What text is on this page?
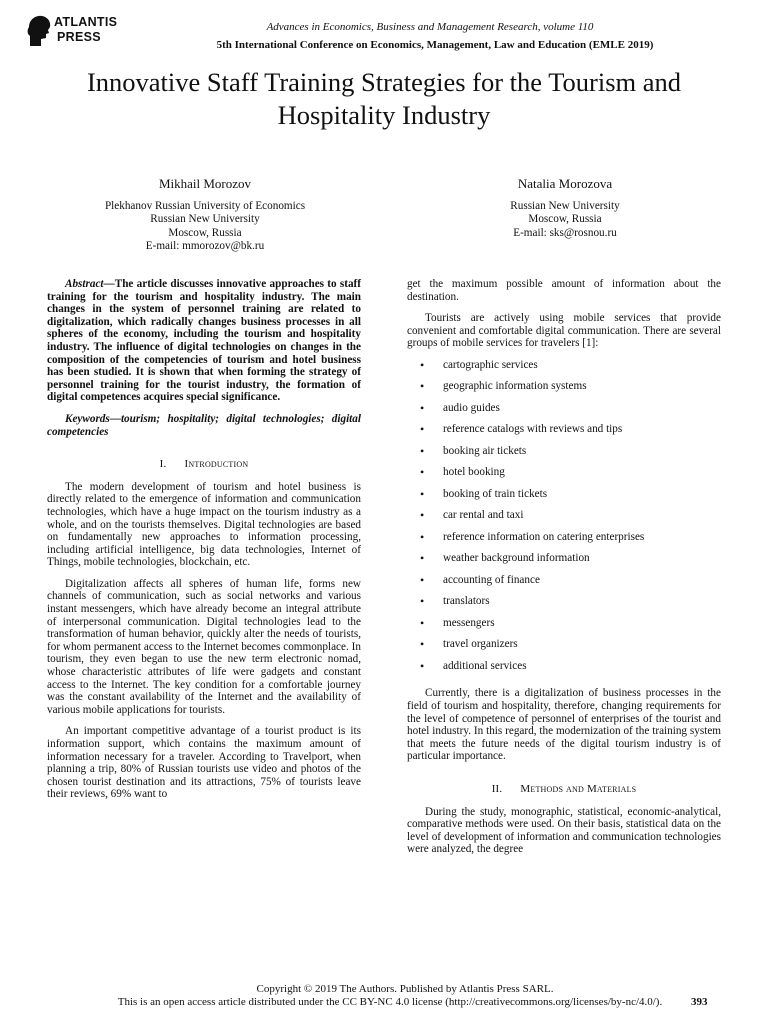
ATLANTIS
PRESS
Advances in Economics, Business and Management Research, volume 110
5th International Conference on Economics, Management, Law and Education (EMLE 2019)
Innovative Staff Training Strategies for the Tourism and Hospitality Industry
Mikhail Morozov
Plekhanov Russian University of Economics
Russian New University
Moscow, Russia
E-mail: mmorozov@bk.ru
Natalia Morozova
Russian New University
Moscow, Russia
E-mail: sks@rosnou.ru

Abstract—The article discusses innovative approaches to staff training for the tourism and hospitality industry. The main changes in the system of personnel training are related to digitalization, which radically changes business processes in all spheres of the economy, including the tourism and hospitality industry. The influence of digital technologies on changes in the composition of the competencies of tourism and hotel business has been studied. It is shown that when forming the strategy of personnel training for the tourist industry, the formation of digital competences acquires special significance.

Keywords—tourism; hospitality; digital technologies; digital competencies

I. Introduction

The modern development of tourism and hotel business is directly related to the emergence of information and communication technologies, which have a huge impact on the tourism industry as a whole, and on the tourists themselves. Digital technologies are based on fundamentally new approaches to information processing, including artificial intelligence, big data technologies, Internet of Things, mobile technologies, blockchain, etc.

Digitalization affects all spheres of human life, forms new channels of communication, such as social networks and various instant messengers, which have already become an integral attribute of interpersonal communication. Digital technologies lead to the transformation of human behavior, quickly alter the needs of tourists, for whom permanent access to the Internet becomes commonplace. In tourism, they even began to use the new term electronic nomad, whose characteristic attributes of life were gadgets and constant access to the Internet. The key condition for a comfortable journey was the constant availability of the Internet and the availability of various mobile applications for tourists.

An important competitive advantage of a tourist product is its information support, which contains the maximum amount of information necessary for a traveler. According to Travelport, when planning a trip, 80% of Russian tourists use video and photos of the chosen tourist destination and its attractions, 75% of tourists leave their reviews, 69% want to

get the maximum possible amount of information about the destination.

Tourists are actively using mobile services that provide convenient and comfortable digital communication. There are several groups of mobile services for travelers [1]:

• cartographic services
• geographic information systems
• audio guides
• reference catalogs with reviews and tips
• booking air tickets
• hotel booking
• booking of train tickets
• car rental and taxi
• reference information on catering enterprises
• weather background information
• accounting of finance
• translators
• messengers
• travel organizers
• additional services

Currently, there is a digitalization of business processes in the field of tourism and hospitality, therefore, changing requirements for the level of competence of personnel of enterprises of the tourist and hotel industry. In this regard, the modernization of the training system that meets the future needs of the digital tourism industry is of particular importance.

II. Methods and Materials

During the study, monographic, statistical, economic-analytical, comparative methods were used. On their basis, statistical data on the level of development of information and communication technologies were analyzed, the degree

Copyright © 2019 The Authors. Published by Atlantis Press SARL.
This is an open access article distributed under the CC BY-NC 4.0 license (http://creativecommons.org/licenses/by-nc/4.0/).	393
